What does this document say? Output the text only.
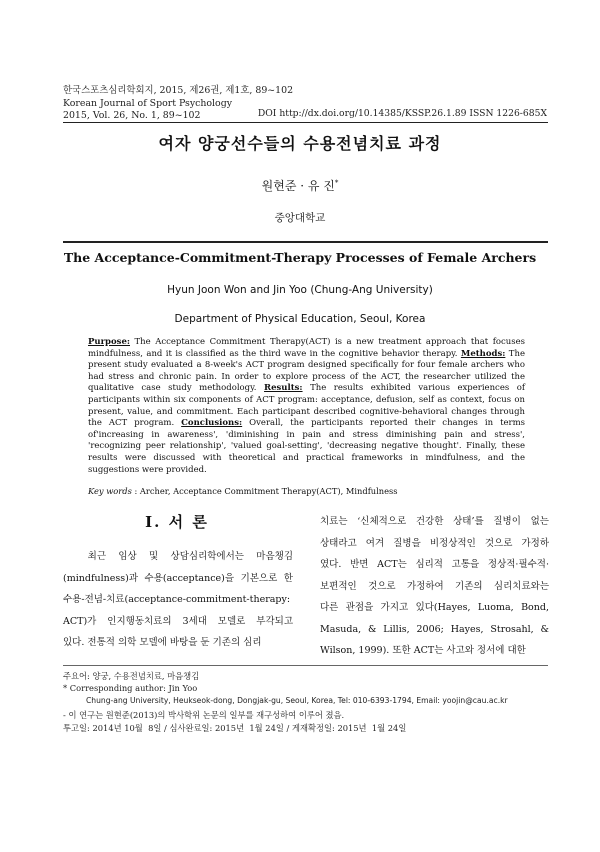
한국스포츠심리학회지, 2015, 제26권, 제1호, 89~102
Korean Journal of Sport Psychology
2015, Vol. 26, No. 1, 89~102	DOI http://dx.doi.org/10.14385/KSSP.26.1.89 ISSN 1226-685X
여자 양궁선수들의 수용전념치료 과정
원현준 · 유 진*
중앙대학교
The Acceptance-Commitment-Therapy Processes of Female Archers
Hyun Joon Won and Jin Yoo (Chung-Ang University)
Department of Physical Education, Seoul, Korea
Purpose: The Acceptance Commitment Therapy(ACT) is a new treatment approach that focuses mindfulness, and it is classified as the third wave in the cognitive behavior therapy. Methods: The present study evaluated a 8-week's ACT program designed specifically for four female archers who had stress and chronic pain. In order to explore process of the ACT, the researcher utilized the qualitative case study methodology. Results: The results exhibited various experiences of participants within six components of ACT program: acceptance, defusion, self as context, focus on present, value, and commitment. Each participant described cognitive-behavioral changes through the ACT program. Conclusions: Overall, the participants reported their changes in terms of'increasing in awareness', 'diminishing in pain and stress diminishing pain and stress', 'recognizing peer relationship', 'valued goal-setting', 'decreasing negative thought'. Finally, these results were discussed with theoretical and practical frameworks in mindfulness, and the suggestions were provided.
Key words : Archer, Acceptance Commitment Therapy(ACT), Mindfulness
I. 서 론
최근  임상  및  상담심리학에서는  마음챙김
(mindfulness)과 수용(acceptance)을 기본으로 한
수용-전념-치료(acceptance-commitment-therapy:
ACT)가 인지행동치료의 3세대 모델로 부각되고
있다. 전통적 의학 모델에 바탕을 둔 기존의 심리
치료는 ‘신체적으로 건강한 상태’를 질병이 없는
상태라고 여겨 질병을 비정상적인 것으로 가정하
였다. 반면 ACT는 심리적 고통을 정상적·필수적·
보편적인 것으로 가정하여 기존의 심리치료와는
다른  관점을  가지고  있다(Hayes,  Luoma,  Bond,
Masuda,  &  Lillis,  2006;  Hayes,  Strosahl,  &
Wilson, 1999). 또한 ACT는 사고와 정서에 대한
주요어: 양궁, 수용전념치료, 마음챙김
* Corresponding author: Jin Yoo
Chung-ang University, Heukseok-dong, Dongjak-gu, Seoul, Korea, Tel: 010-6393-1794, Email: yoojin@cau.ac.kr
- 이 연구는 원현준(2013)의 박사학위 논문의 일부를 재구성하여 이루어 졌음.
투고일: 2014년 10월  8일 / 심사완료일: 2015년  1월 24일 / 게재확정일: 2015년  1월 24일
